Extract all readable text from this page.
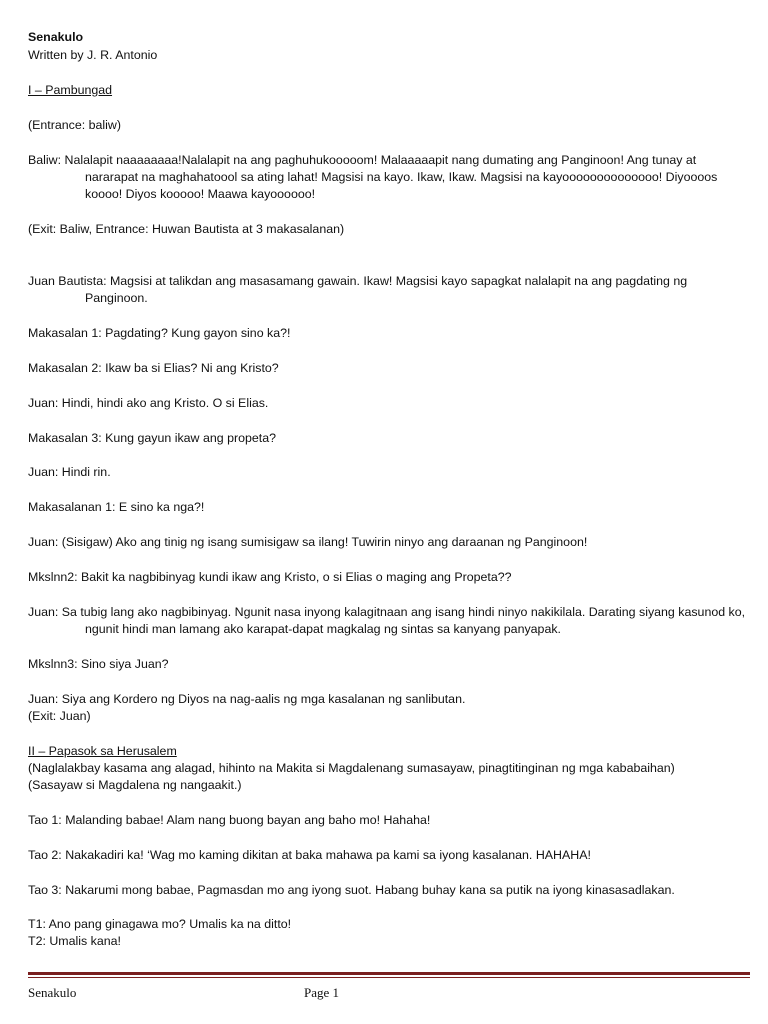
Senakulo
Written by J. R. Antonio
I – Pambungad
(Entrance: baliw)
Baliw: Nalalapit naaaaaaaa!Nalalapit na ang paghuhukooooom! Malaaaaapit nang dumating ang Panginoon! Ang tunay at
nararapat na maghahatoool sa ating lahat! Magsisi na kayo. Ikaw, Ikaw. Magsisi na kayoooooooooooooo! Diyoooos
koooo! Diyos kooooo! Maawa kayoooooo!
(Exit: Baliw, Entrance: Huwan Bautista at 3 makasalanan)
Juan Bautista: Magsisi at talikdan ang masasamang gawain. Ikaw! Magsisi kayo sapagkat nalalapit na ang pagdating ng
Panginoon.
Makasalan 1: Pagdating? Kung gayon sino ka?!
Makasalan 2: Ikaw ba si Elias? Ni ang Kristo?
Juan: Hindi, hindi ako ang Kristo. O si Elias.
Makasalan 3: Kung gayun ikaw ang propeta?
Juan: Hindi rin.
Makasalanan 1: E sino ka nga?!
Juan: (Sisigaw) Ako ang tinig ng isang sumisigaw sa ilang! Tuwirin ninyo ang daraanan ng Panginoon!
Mkslnn2: Bakit ka nagbibinyag kundi ikaw ang Kristo, o si Elias o maging ang Propeta??
Juan: Sa tubig lang ako nagbibinyag. Ngunit nasa inyong kalagitnaan ang isang hindi ninyo nakikilala. Darating siyang kasunod ko,
ngunit hindi man lamang ako karapat-dapat magkalag ng sintas sa kanyang panyapak.
Mkslnn3: Sino siya Juan?
Juan: Siya ang Kordero ng Diyos na nag-aalis ng mga kasalanan ng sanlibutan.
(Exit: Juan)
II – Papasok sa Herusalem
(Naglalakbay kasama ang alagad, hihinto na Makita si Magdalenang sumasayaw, pinagtitinginan ng mga kababaihan)
(Sasayaw si Magdalena ng nangaakit.)
Tao 1: Malanding babae! Alam nang buong bayan ang baho mo! Hahaha!
Tao 2: Nakakadiri ka! ‘Wag mo kaming dikitan at baka mahawa pa kami sa iyong kasalanan. HAHAHA!
Tao 3: Nakarumi mong babae, Pagmasdan mo ang iyong suot. Habang buhay kana sa putik na iyong kinasasadlakan.
T1: Ano pang ginagawa mo? Umalis ka na ditto!
T2: Umalis kana!
Senakulo	Page 1
